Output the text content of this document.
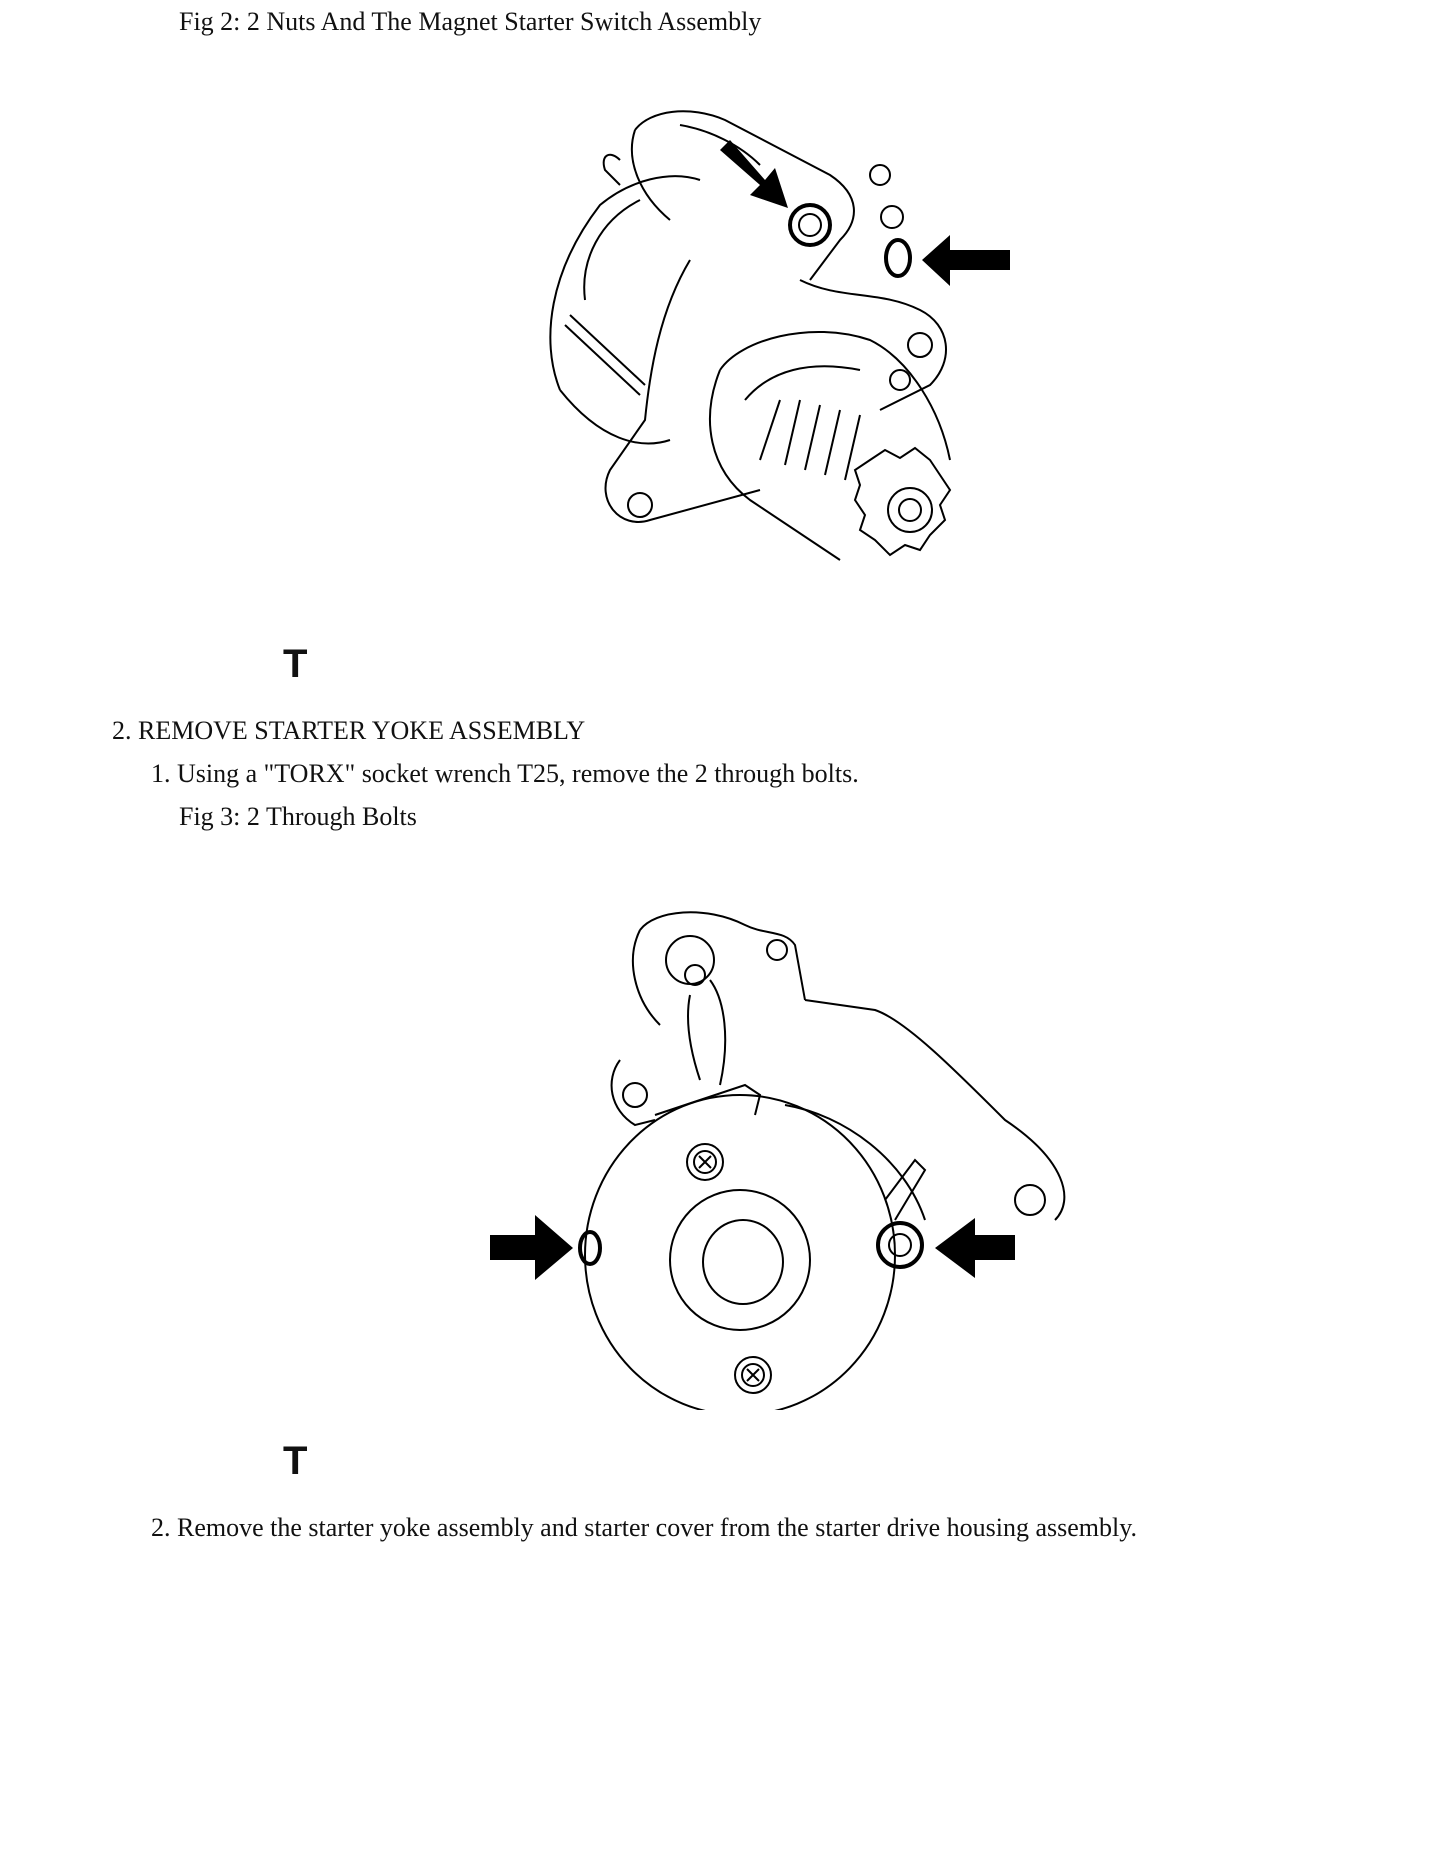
Fig 2: 2 Nuts And The Magnet Starter Switch Assembly
T
2. REMOVE STARTER YOKE ASSEMBLY
1. Using a "TORX" socket wrench T25, remove the 2 through bolts.
Fig 3: 2 Through Bolts
T
2. Remove the starter yoke assembly and starter cover from the starter drive housing assembly.
